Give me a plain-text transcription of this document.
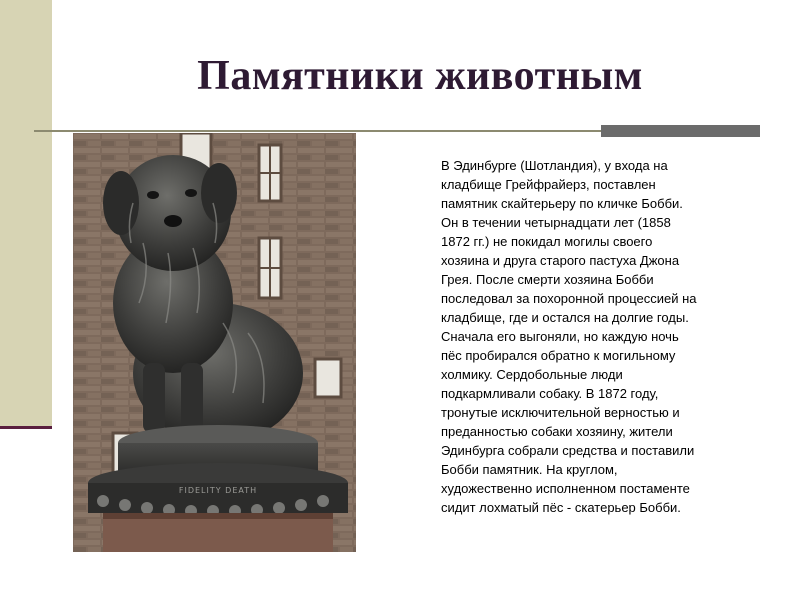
Памятники животным
FIDELITY DEATH

В Эдинбурге (Шотландия), у входа на
кладбище Грейфрайерз, поставлен
памятник скайтерьеру по кличке Бобби.
Он в течении четырнадцати лет (1858
1872 гг.) не покидал могилы своего
хозяина и друга старого пастуха Джона
Грея. После смерти хозяина Бобби
последовал за похоронной процессией на
кладбище, где и остался на долгие годы.
Сначала его выгоняли, но каждую ночь
пёс пробирался обратно к могильному
холмику. Сердобольные люди
подкармливали собаку. В 1872 году,
тронутые исключительной верностью и
преданностью собаки хозяину, жители
Эдинбурга собрали средства и поставили
Бобби памятник. На круглом,
художественно исполненном постаменте
сидит лохматый пёс - скатерьер Бобби.
